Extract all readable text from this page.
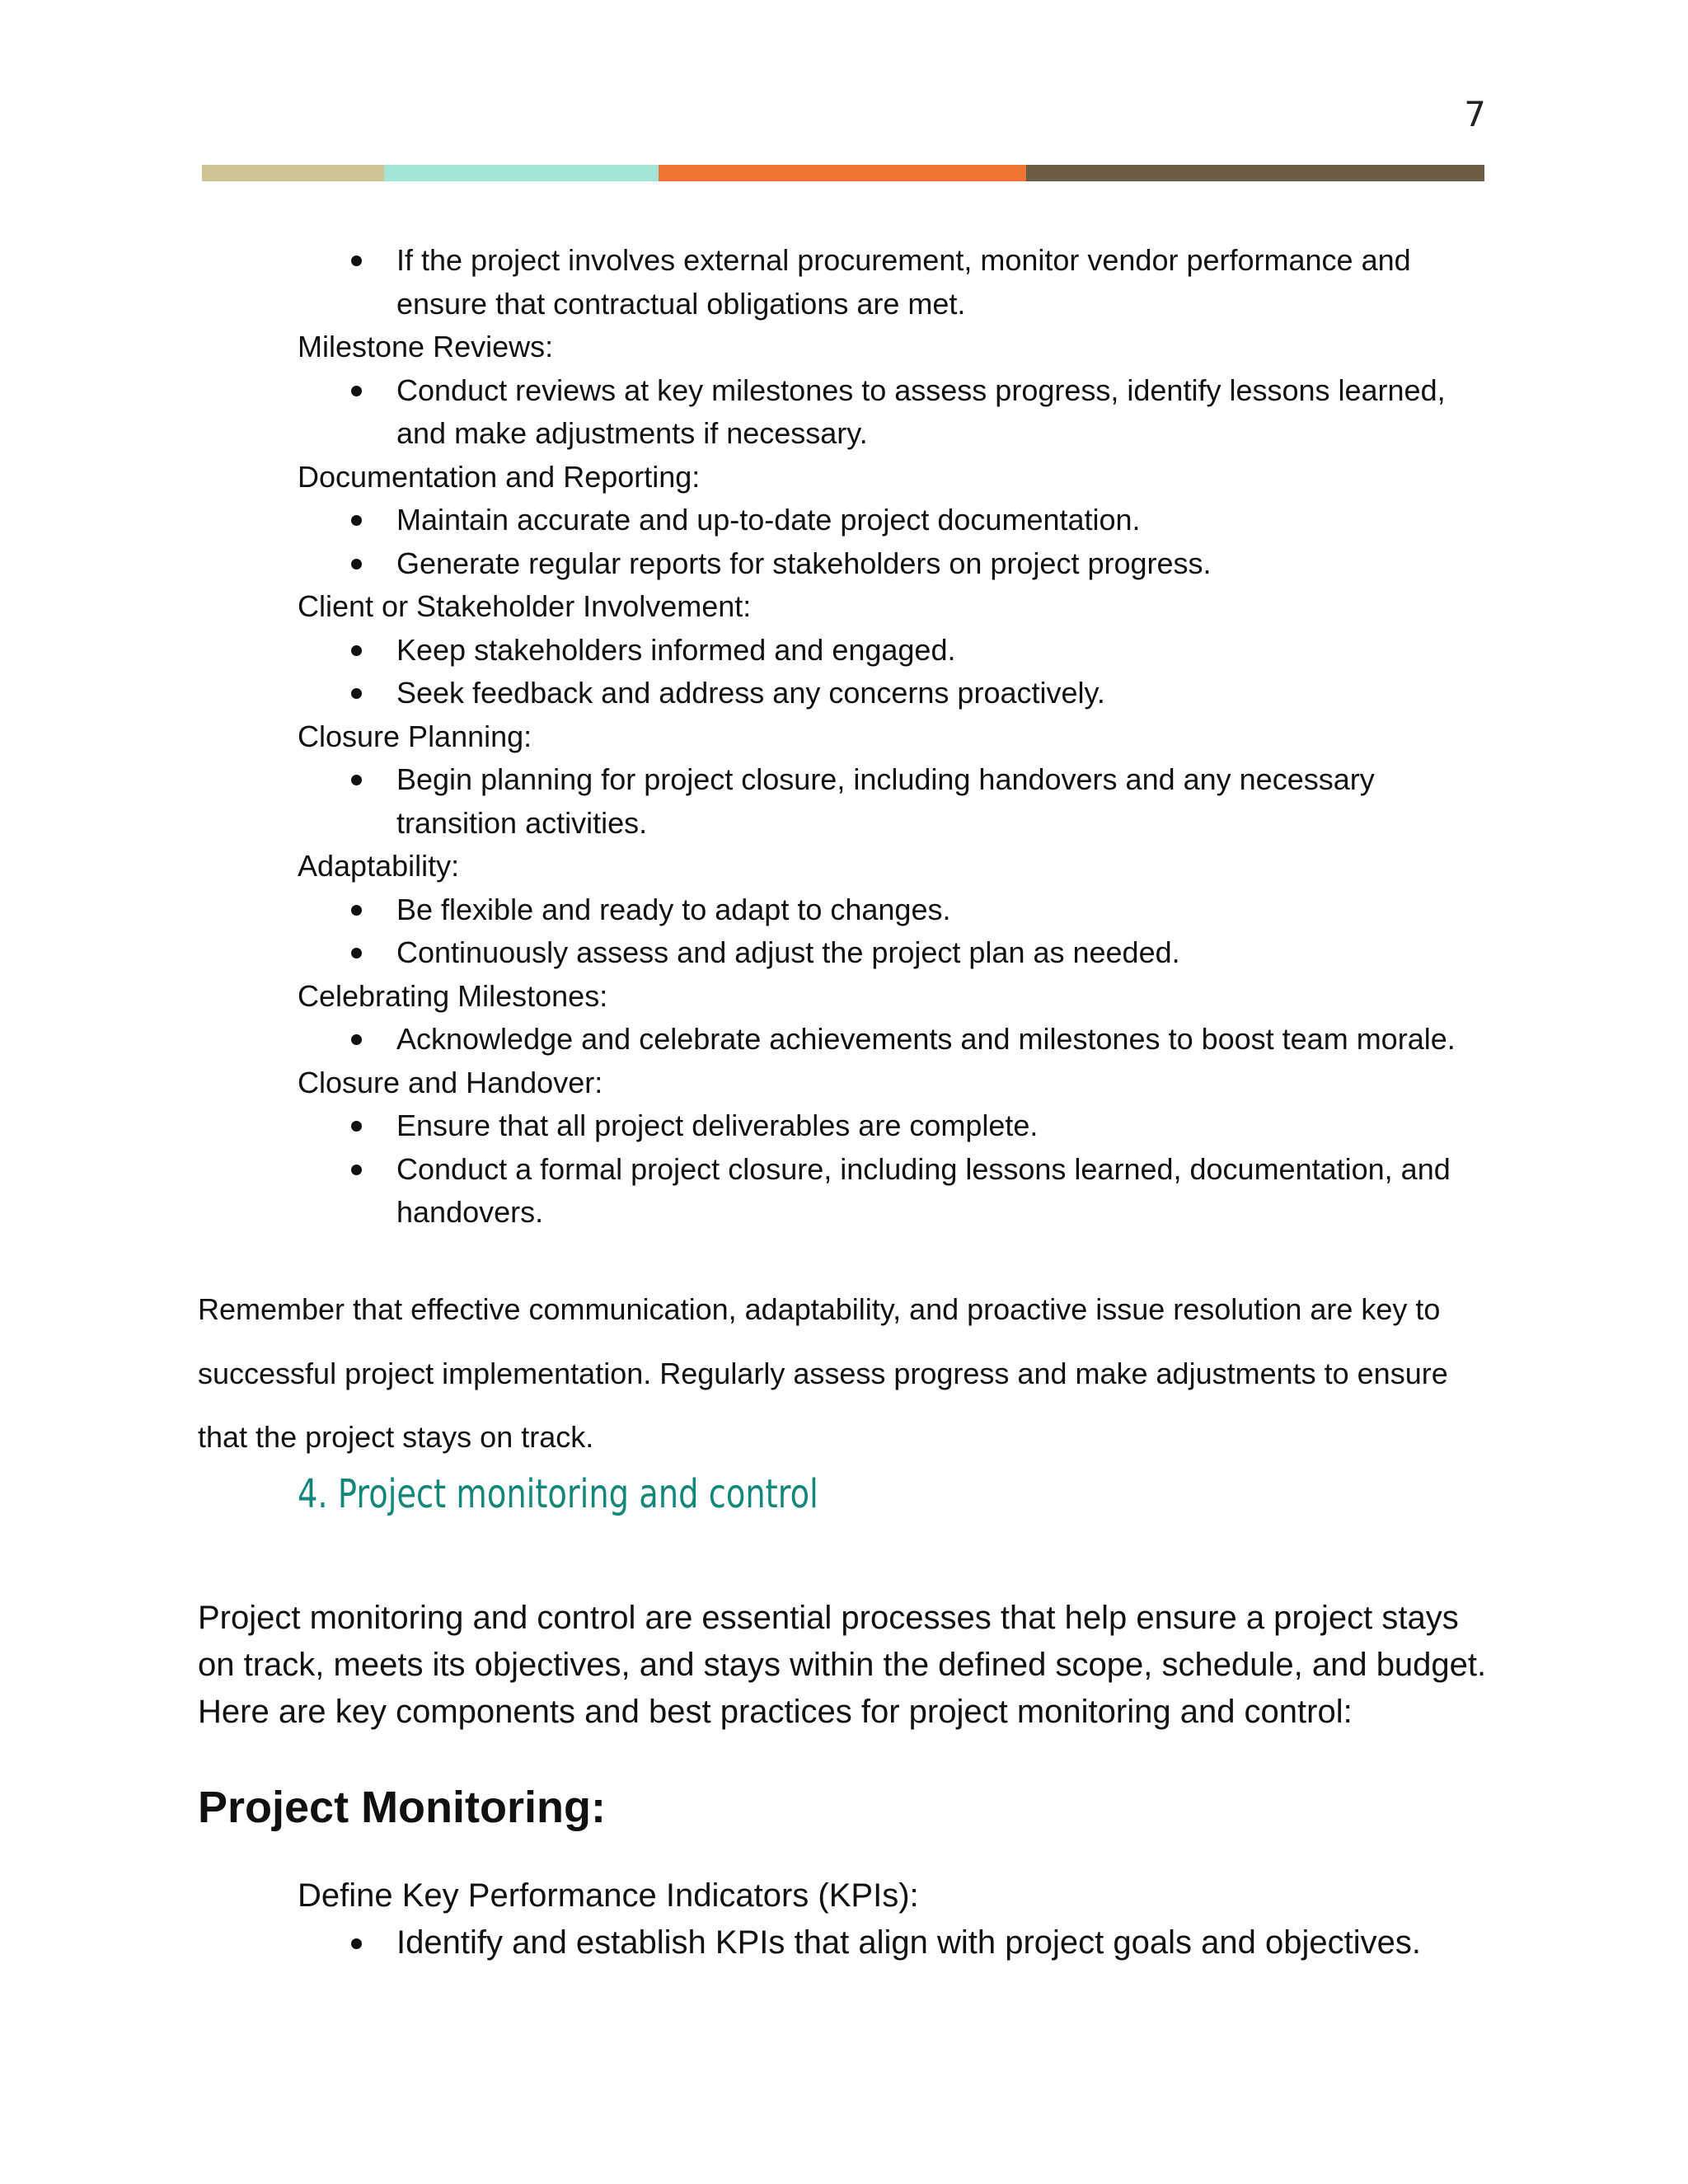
7
If the project involves external procurement, monitor vendor performance and ensure that contractual obligations are met.
Milestone Reviews:
Conduct reviews at key milestones to assess progress, identify lessons learned, and make adjustments if necessary.
Documentation and Reporting:
Maintain accurate and up-to-date project documentation.
Generate regular reports for stakeholders on project progress.
Client or Stakeholder Involvement:
Keep stakeholders informed and engaged.
Seek feedback and address any concerns proactively.
Closure Planning:
Begin planning for project closure, including handovers and any necessary transition activities.
Adaptability:
Be flexible and ready to adapt to changes.
Continuously assess and adjust the project plan as needed.
Celebrating Milestones:
Acknowledge and celebrate achievements and milestones to boost team morale.
Closure and Handover:
Ensure that all project deliverables are complete.
Conduct a formal project closure, including lessons learned, documentation, and handovers.

Remember that effective communication, adaptability, and proactive issue resolution are key to successful project implementation. Regularly assess progress and make adjustments to ensure that the project stays on track.

4. Project monitoring and control

Project monitoring and control are essential processes that help ensure a project stays on track, meets its objectives, and stays within the defined scope, schedule, and budget. Here are key components and best practices for project monitoring and control:

Project Monitoring:
Define Key Performance Indicators (KPIs):
Identify and establish KPIs that align with project goals and objectives.
